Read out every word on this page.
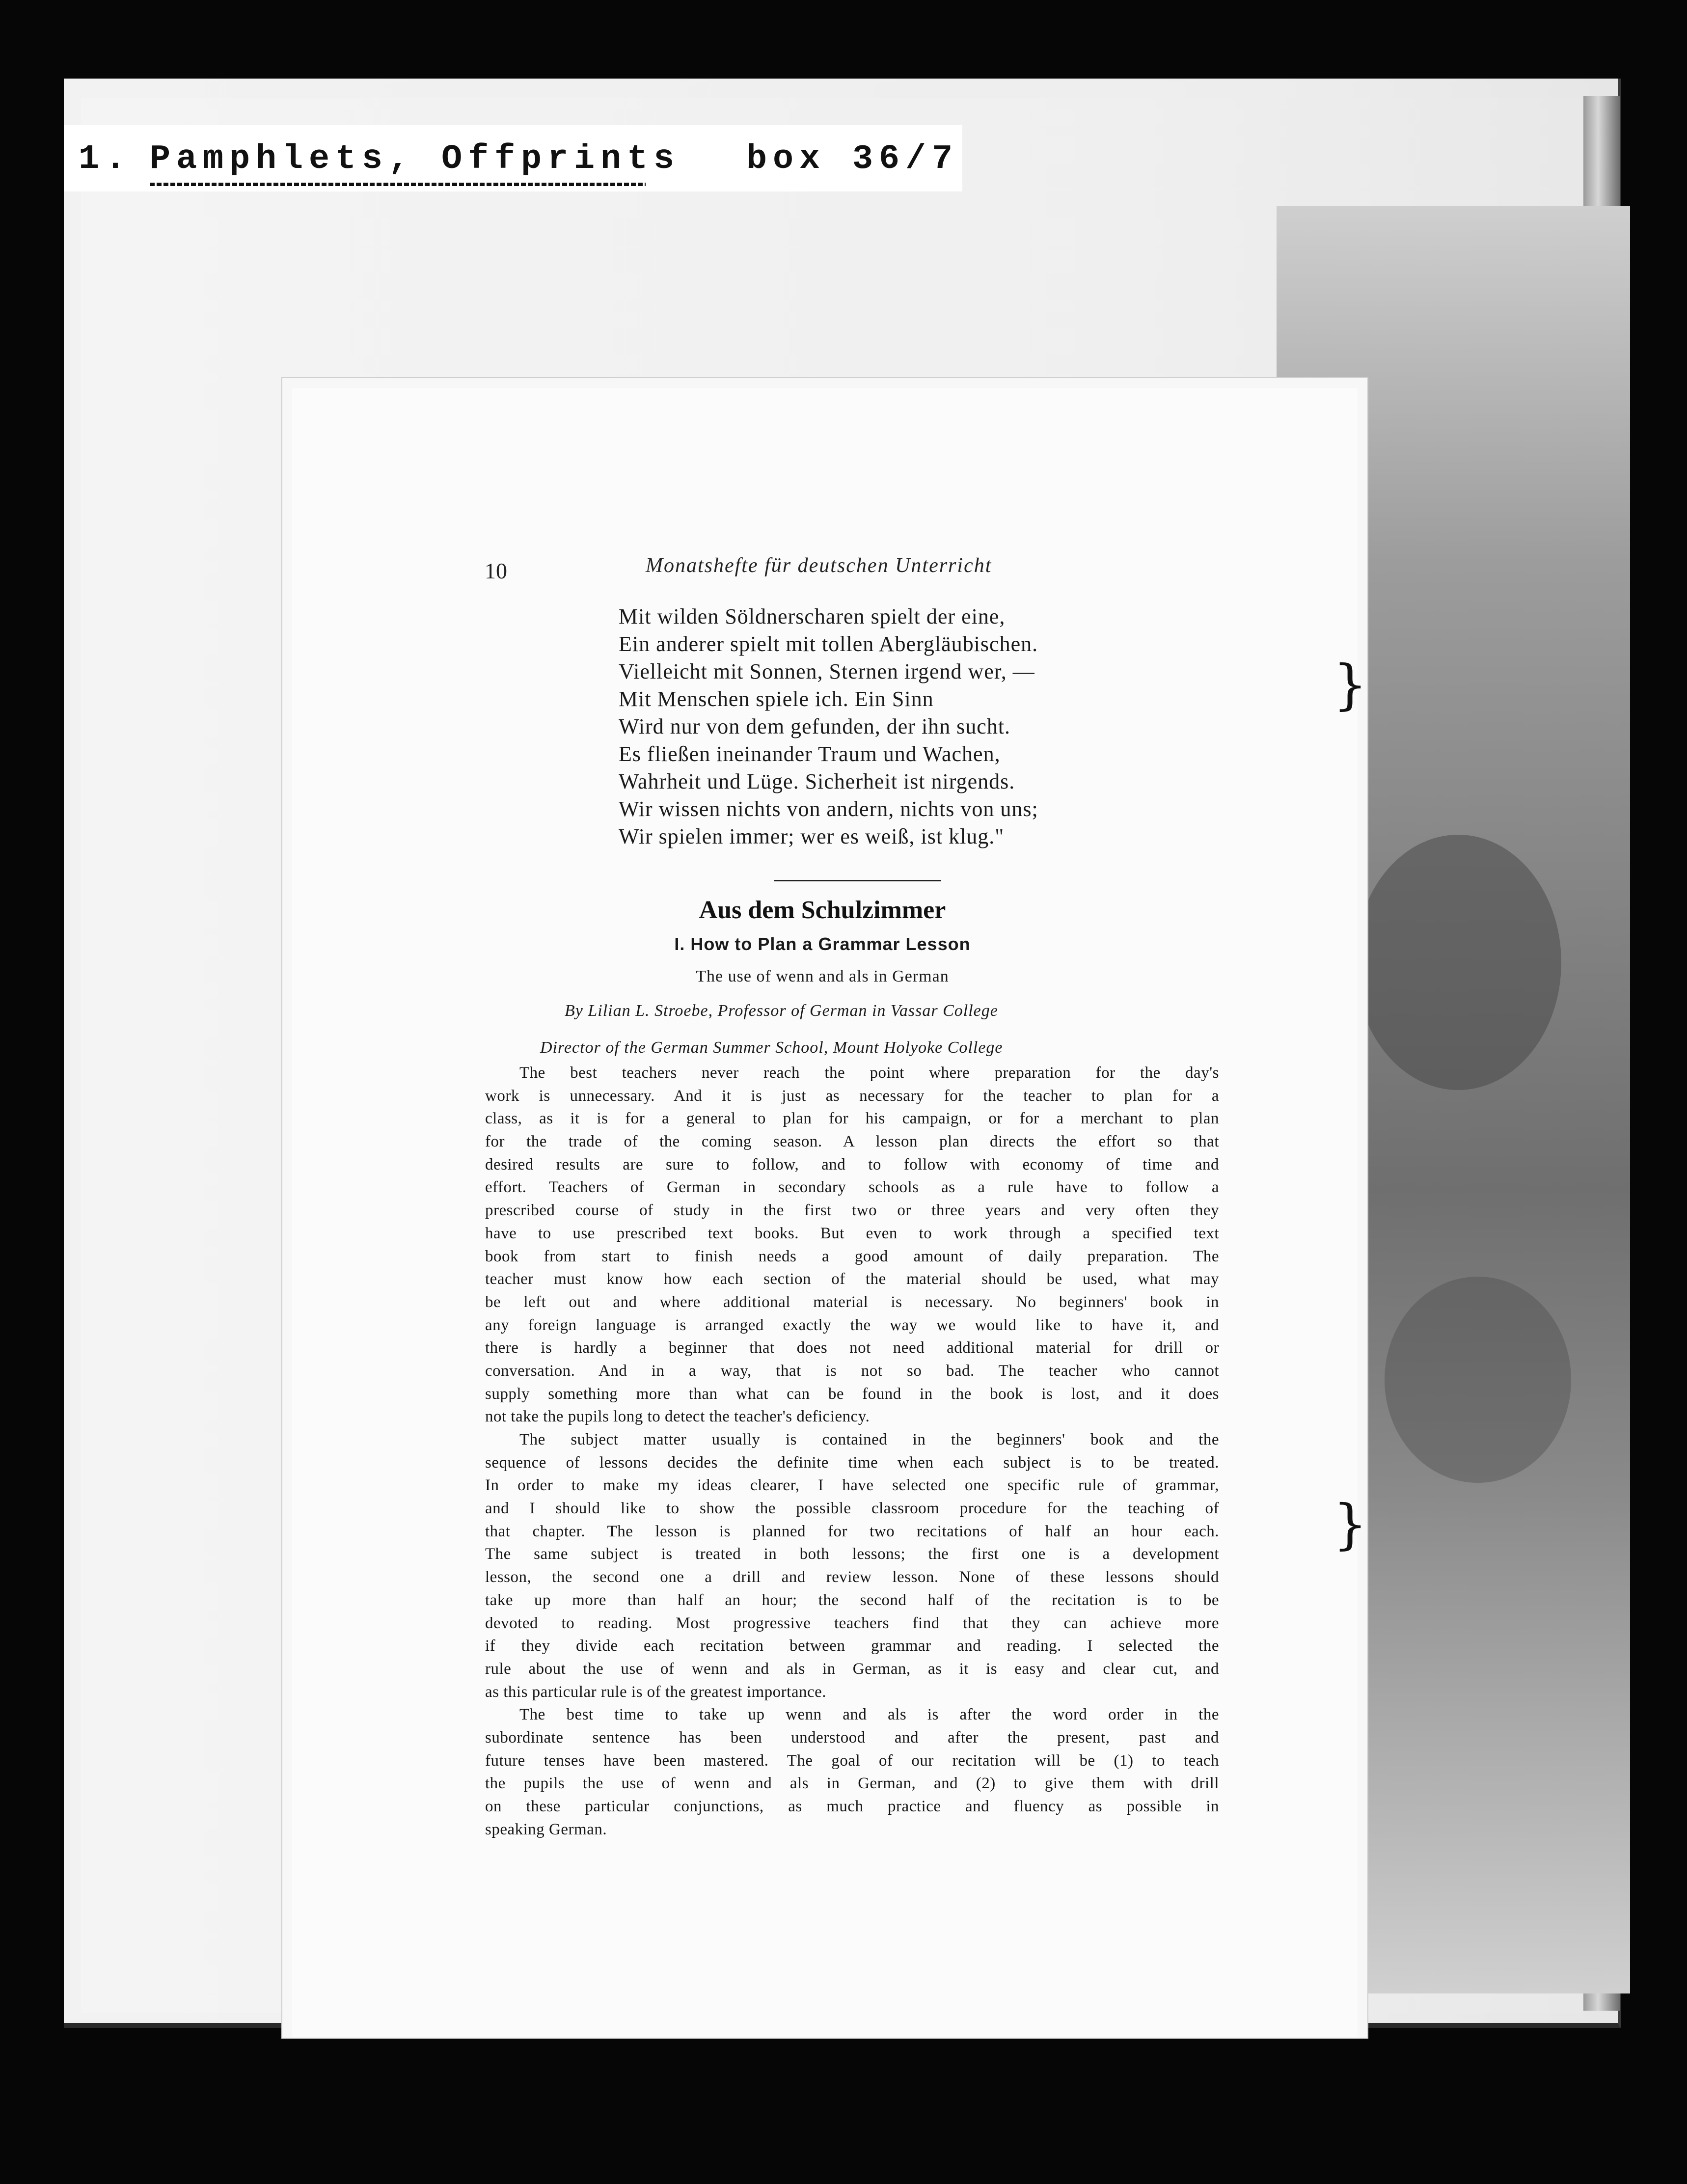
1. Pamphlets, Offprints box 36/7
10	Monatshefte für deutschen Unterricht
Mit wilden Söldnerscharen spielt der eine,
Ein anderer spielt mit tollen Abergläubischen.
Vielleicht mit Sonnen, Sternen irgend wer, —
Mit Menschen spiele ich. Ein Sinn
Wird nur von dem gefunden, der ihn sucht.
Es fließen ineinander Traum und Wachen,
Wahrheit und Lüge. Sicherheit ist nirgends.
Wir wissen nichts von andern, nichts von uns;
Wir spielen immer; wer es weiß, ist klug."
Aus dem Schulzimmer
I. How to Plan a Grammar Lesson
The use of wenn and als in German
By Lilian L. Stroebe, Professor of German in Vassar College
Director of the German Summer School, Mount Holyoke College
The best teachers never reach the point where preparation for the day's
work is unnecessary. And it is just as necessary for the teacher to plan for a
class, as it is for a general to plan for his campaign, or for a merchant to plan
for the trade of the coming season. A lesson plan directs the effort so that
desired results are sure to follow, and to follow with economy of time and
effort. Teachers of German in secondary schools as a rule have to follow a
prescribed course of study in the first two or three years and very often they
have to use prescribed text books. But even to work through a specified text
book from start to finish needs a good amount of daily preparation. The
teacher must know how each section of the material should be used, what may
be left out and where additional material is necessary. No beginners' book in
any foreign language is arranged exactly the way we would like to have it, and
there is hardly a beginner that does not need additional material for drill or
conversation. And in a way, that is not so bad. The teacher who cannot
supply something more than what can be found in the book is lost, and it does
not take the pupils long to detect the teacher's deficiency.
The subject matter usually is contained in the beginners' book and the
sequence of lessons decides the definite time when each subject is to be treated.
In order to make my ideas clearer, I have selected one specific rule of grammar,
and I should like to show the possible classroom procedure for the teaching of
that chapter. The lesson is planned for two recitations of half an hour each.
The same subject is treated in both lessons; the first one is a development
lesson, the second one a drill and review lesson. None of these lessons should
take up more than half an hour; the second half of the recitation is to be
devoted to reading. Most progressive teachers find that they can achieve more
if they divide each recitation between grammar and reading. I selected the
rule about the use of wenn and als in German, as it is easy and clear cut, and
as this particular rule is of the greatest importance.
The best time to take up wenn and als is after the word order in the
subordinate sentence has been understood and after the present, past and
future tenses have been mastered. The goal of our recitation will be (1) to teach
the pupils the use of wenn and als in German, and (2) to give them with drill
on these particular conjunctions, as much practice and fluency as possible in
speaking German.
}
}
